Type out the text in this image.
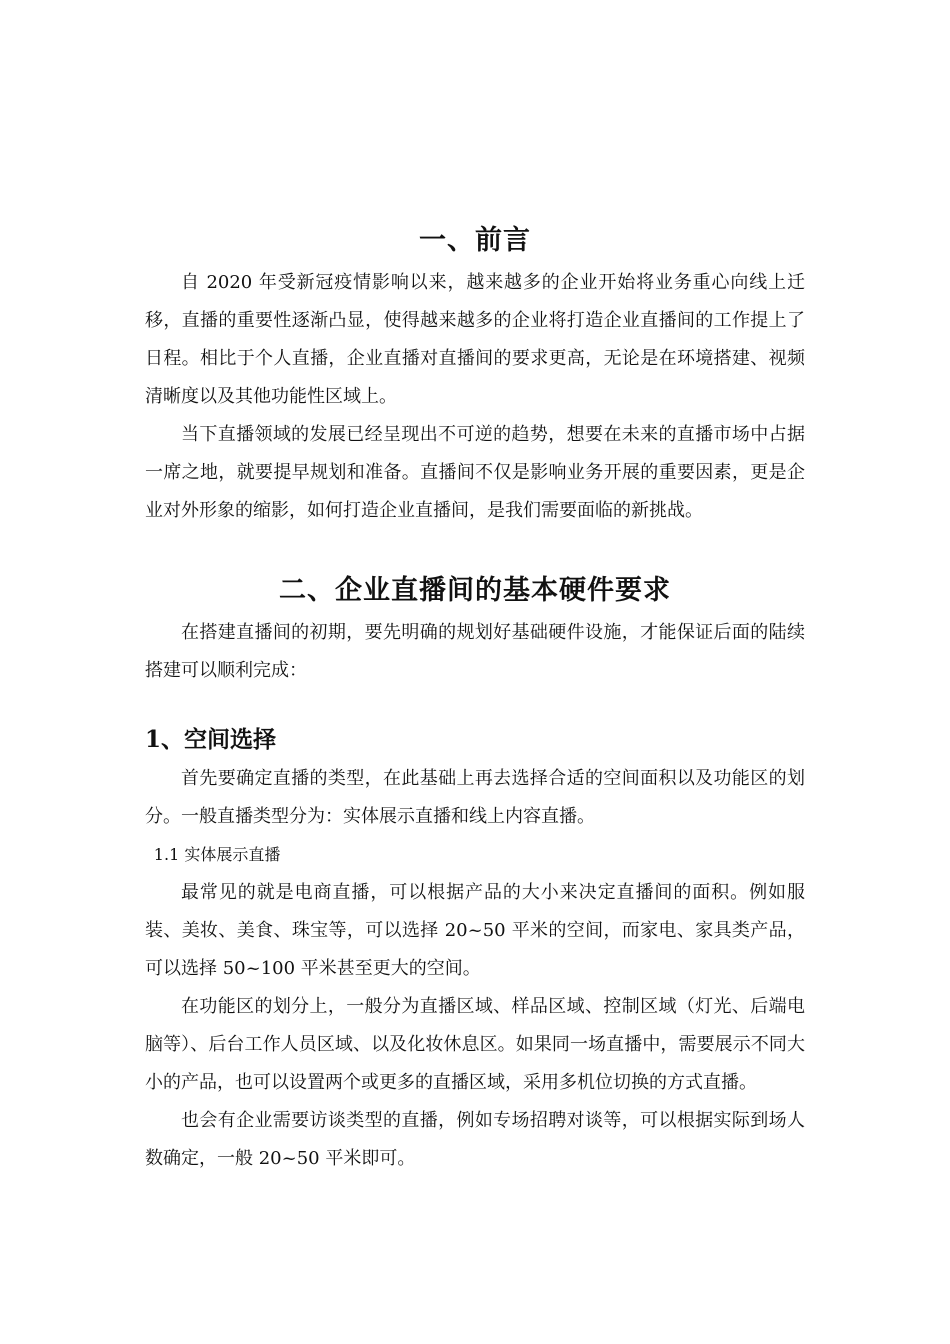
一、前言

自 2020 年受新冠疫情影响以来，越来越多的企业开始将业务重心向线上迁移，直播的重要性逐渐凸显，使得越来越多的企业将打造企业直播间的工作提上了日程。相比于个人直播，企业直播对直播间的要求更高，无论是在环境搭建、视频清晰度以及其他功能性区域上。

当下直播领域的发展已经呈现出不可逆的趋势，想要在未来的直播市场中占据一席之地，就要提早规划和准备。直播间不仅是影响业务开展的重要因素，更是企业对外形象的缩影，如何打造企业直播间，是我们需要面临的新挑战。

二、企业直播间的基本硬件要求

在搭建直播间的初期，要先明确的规划好基础硬件设施，才能保证后面的陆续搭建可以顺利完成：

1、空间选择

首先要确定直播的类型，在此基础上再去选择合适的空间面积以及功能区的划分。一般直播类型分为：实体展示直播和线上内容直播。

1.1 实体展示直播

最常见的就是电商直播，可以根据产品的大小来决定直播间的面积。例如服装、美妆、美食、珠宝等，可以选择 20~50 平米的空间，而家电、家具类产品，可以选择 50~100 平米甚至更大的空间。

在功能区的划分上，一般分为直播区域、样品区域、控制区域（灯光、后端电脑等）、后台工作人员区域、以及化妆休息区。如果同一场直播中，需要展示不同大小的产品，也可以设置两个或更多的直播区域，采用多机位切换的方式直播。

也会有企业需要访谈类型的直播，例如专场招聘对谈等，可以根据实际到场人数确定，一般 20~50 平米即可。
